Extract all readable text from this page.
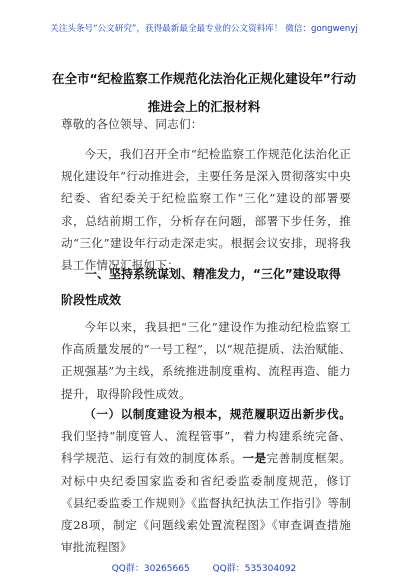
关注头条号“公文研究”，获得最新最全最专业的公文资料库！ 微信：gongwenyj
在全市“纪检监察工作规范化法治化正规化建设年”行动推进会上的汇报材料
尊敬的各位领导、同志们：
今天，我们召开全市“纪检监察工作规范化法治化正规化建设年”行动推进会，主要任务是深入贯彻落实中央纪委、省纪委关于纪检监察工作“三化”建设的部署要求，总结前期工作，分析存在问题，部署下步任务，推动“三化”建设年行动走深走实。根据会议安排，现将我县工作情况汇报如下：
一、坚持系统谋划、精准发力，“三化”建设取得阶段性成效
今年以来，我县把“三化”建设作为推动纪检监察工作高质量发展的“一号工程”，以“规范提质、法治赋能、正规强基”为主线，系统推进制度重构、流程再造、能力提升，取得阶段性成效。
（一）以制度建设为根本，规范履职迈出新步伐。我们坚持“制度管人、流程管事”，着力构建系统完备、科学规范、运行有效的制度体系。一是完善制度框架。对标中央纪委国家监委和省纪委监委制度规范，修订《县纪委监委工作规则》《监督执纪执法工作指引》等制度28项，制定《问题线索处置流程图》《审查调查措施审批流程图》
QQ群：30265665        QQ群：535304092
